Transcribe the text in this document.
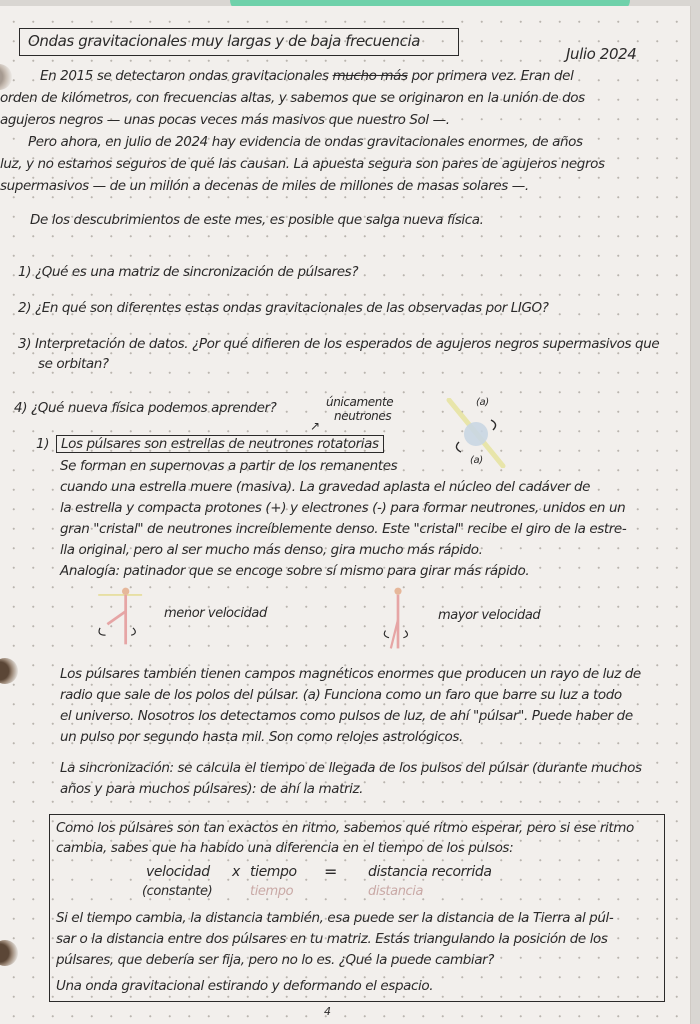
Ondas gravitacionales muy largas y de baja frecuencia
Julio 2024
En 2015 se detectaron ondas gravitacionales mucho más por primera vez. Eran del
orden de kilómetros, con frecuencias altas, y sabemos que se originaron en la unión de dos
agujeros negros — unas pocas veces más masivos que nuestro Sol —.
Pero ahora, en julio de 2024 hay evidencia de ondas gravitacionales enormes, de años
luz, y no estamos seguros de qué las causan. La apuesta segura son pares de agujeros negros
supermasivos — de un millón a decenas de miles de millones de masas solares —.
De los descubrimientos de este mes, es posible que salga nueva física.
1) ¿Qué es una matriz de sincronización de púlsares?
2) ¿En qué son diferentes estas ondas gravitacionales de las observadas por LIGO?
3) Interpretación de datos. ¿Por qué difieren de los esperados de agujeros negros supermasivos que
se orbitan?
4) ¿Qué nueva física podemos aprender?	únicamente
neutrones
↗
1) Los púlsares son estrellas de neutrones rotatorias
(a)
(a)
Se forman en supernovas a partir de los remanentes
cuando una estrella muere (masiva). La gravedad aplasta el núcleo del cadáver de
la estrella y compacta protones (+) y electrones (-) para formar neutrones, unidos en un
gran "cristal" de neutrones increíblemente denso. Este "cristal" recibe el giro de la estre-
lla original, pero al ser mucho más denso, gira mucho más rápido.
Analogía: patinador que se encoge sobre sí mismo para girar más rápido.
menor velocidad	mayor velocidad
Los púlsares también tienen campos magnéticos enormes que producen un rayo de luz de
radio que sale de los polos del púlsar. (a) Funciona como un faro que barre su luz a todo
el universo. Nosotros los detectamos como pulsos de luz, de ahí "púlsar". Puede haber de
un pulso por segundo hasta mil. Son como relojes astrológicos.
La sincronización: se calcula el tiempo de llegada de los pulsos del púlsar (durante muchos
años y para muchos púlsares): de ahí la matriz.
Como los púlsares son tan exactos en ritmo, sabemos qué ritmo esperar, pero si ese ritmo
cambia, sabes que ha habido una diferencia en el tiempo de los pulsos:
velocidad x tiempo = distancia recorrida
(constante)	tiempo	distancia
Si el tiempo cambia, la distancia también, esa puede ser la distancia de la Tierra al púl-
sar o la distancia entre dos púlsares en tu matriz. Estás triangulando la posición de los
púlsares, que debería ser fija, pero no lo es. ¿Qué la puede cambiar?
Una onda gravitacional estirando y deformando el espacio.
4
